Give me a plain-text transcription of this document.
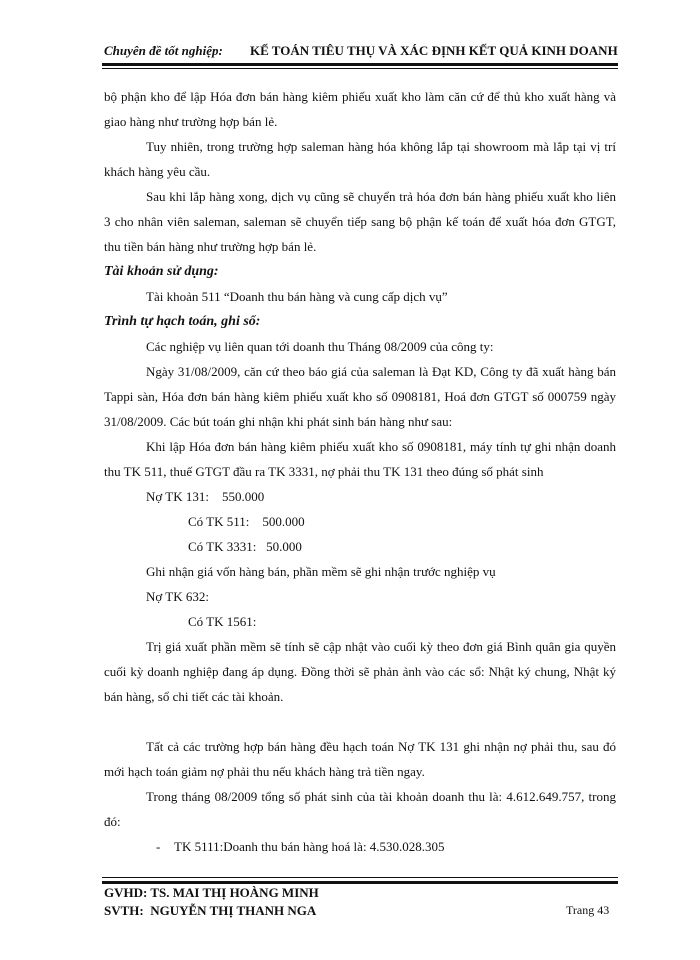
Chuyên đề tốt nghiệp: KẾ TOÁN TIÊU THỤ VÀ XÁC ĐỊNH KẾT QUẢ KINH DOANH

bộ phận kho để lập Hóa đơn bán hàng kiêm phiếu xuất kho làm căn cứ để thủ kho xuất hàng và giao hàng như trường hợp bán lẻ.

Tuy nhiên, trong trường hợp saleman hàng hóa không lắp tại showroom mà lắp tại vị trí khách hàng yêu cầu.

Sau khi lắp hàng xong, dịch vụ cũng sẽ chuyển trả hóa đơn bán hàng phiếu xuất kho liên 3 cho nhân viên saleman, saleman sẽ chuyển tiếp sang bộ phận kế toán để xuất hóa đơn GTGT, thu tiền bán hàng như trường hợp bán lẻ.

Tài khoản sử dụng:

Tài khoản 511 “Doanh thu bán hàng và cung cấp dịch vụ”

Trình tự hạch toán, ghi sổ:

Các nghiệp vụ liên quan tới doanh thu Tháng 08/2009 của công ty:

Ngày 31/08/2009, căn cứ theo báo giá của saleman là Đạt KD, Công ty đã xuất hàng bán Tappi sàn, Hóa đơn bán hàng kiêm phiếu xuất kho số 0908181, Hoá đơn GTGT số 000759 ngày 31/08/2009. Các bút toán ghi nhận khi phát sinh bán hàng như sau:

Khi lập Hóa đơn bán hàng kiêm phiếu xuất kho số 0908181, máy tính tự ghi nhận doanh thu TK 511, thuế GTGT đầu ra TK 3331, nợ phải thu TK 131 theo đúng số phát sinh

Nợ TK 131:    550.000

Có TK 511:    500.000

Có TK 3331:   50.000

Ghi nhận giá vốn hàng bán, phần mềm sẽ ghi nhận trước nghiệp vụ

Nợ TK 632:

Có TK 1561:

Trị giá xuất phần mềm sẽ tính sẽ cập nhật vào cuối kỳ theo đơn giá Bình quân gia quyền cuối kỳ doanh nghiệp đang áp dụng. Đồng thời sẽ phản ảnh vào các sổ: Nhật ký chung, Nhật ký bán hàng, sổ chi tiết các tài khoản.

Tất cả các trường hợp bán hàng đều hạch toán Nợ TK 131 ghi nhận nợ phải thu, sau đó mới hạch toán giảm nợ phải thu nếu khách hàng trả tiền ngay.

Trong tháng 08/2009 tổng số phát sinh của tài khoản doanh thu là: 4.612.649.757, trong đó:

- TK 5111:Doanh thu bán hàng hoá là: 4.530.028.305

GVHD: TS. MAI THỊ HOÀNG MINH
SVTH:  NGUYỄN THỊ THANH NGA	Trang 43
